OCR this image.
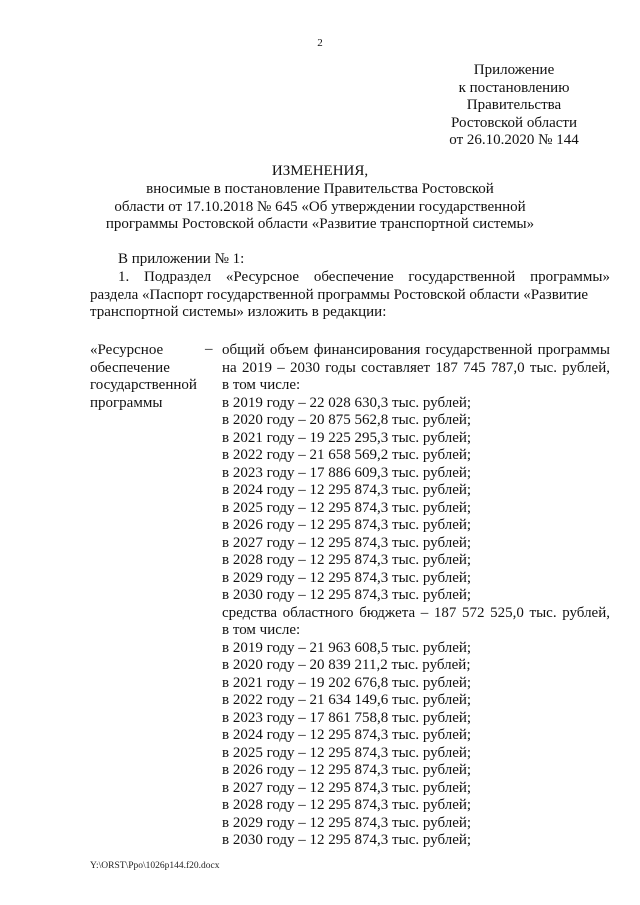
2
Приложение
к постановлению
Правительства
Ростовской области
от 26.10.2020 № 144
ИЗМЕНЕНИЯ,
вносимые в постановление Правительства Ростовской
области от 17.10.2018 № 645 «Об утверждении государственной
программы Ростовской области «Развитие транспортной системы»
В приложении № 1:
1. Подраздел «Ресурсное обеспечение государственной программы»
раздела «Паспорт государственной программы Ростовской области «Развитие
транспортной системы» изложить в редакции:
«Ресурсное
обеспечение
государственной
программы
– общий объем финансирования государственной программы
на 2019 – 2030 годы составляет 187 745 787,0 тыс. рублей,
в том числе:
в 2019 году – 22 028 630,3 тыс. рублей;
в 2020 году – 20 875 562,8 тыс. рублей;
в 2021 году – 19 225 295,3 тыс. рублей;
в 2022 году – 21 658 569,2 тыс. рублей;
в 2023 году – 17 886 609,3 тыс. рублей;
в 2024 году – 12 295 874,3 тыс. рублей;
в 2025 году – 12 295 874,3 тыс. рублей;
в 2026 году – 12 295 874,3 тыс. рублей;
в 2027 году – 12 295 874,3 тыс. рублей;
в 2028 году – 12 295 874,3 тыс. рублей;
в 2029 году – 12 295 874,3 тыс. рублей;
в 2030 году – 12 295 874,3 тыс. рублей;
средства областного бюджета – 187 572 525,0 тыс. рублей,
в том числе:
в 2019 году – 21 963 608,5 тыс. рублей;
в 2020 году – 20 839 211,2 тыс. рублей;
в 2021 году – 19 202 676,8 тыс. рублей;
в 2022 году – 21 634 149,6 тыс. рублей;
в 2023 году – 17 861 758,8 тыс. рублей;
в 2024 году – 12 295 874,3 тыс. рублей;
в 2025 году – 12 295 874,3 тыс. рублей;
в 2026 году – 12 295 874,3 тыс. рублей;
в 2027 году – 12 295 874,3 тыс. рублей;
в 2028 году – 12 295 874,3 тыс. рублей;
в 2029 году – 12 295 874,3 тыс. рублей;
в 2030 году – 12 295 874,3 тыс. рублей;
Y:\ORST\Ppo\1026p144.f20.docx
